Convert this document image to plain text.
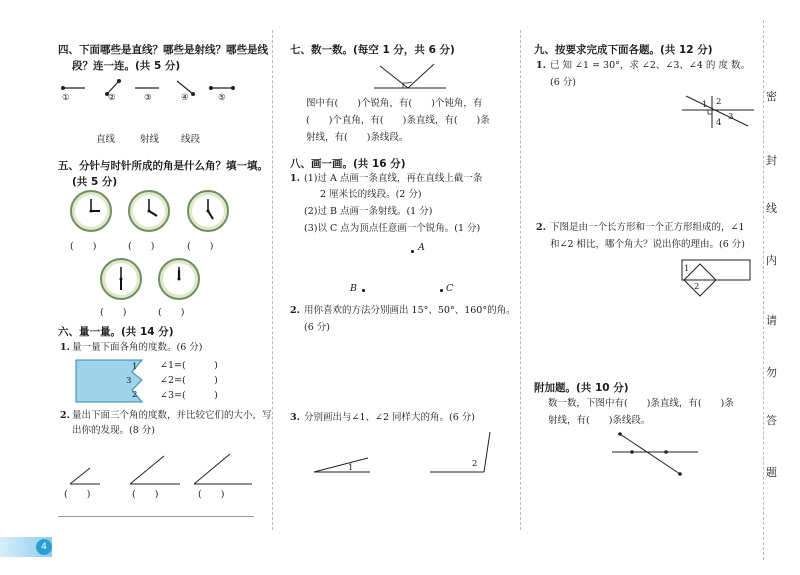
四、下面哪些是直线？哪些是射线？哪些是线
段？连一连。(共 5 分)
①	②	③	④	⑤
直线	射线 线段
五、分针与时针所成的角是什么角？填一填。
(共 5 分)
(　　)	(　　)	(　　)
(　　)	(　　)
六、量一量。(共 14 分)
1. 量一量下面各角的度数。(6 分)
1
3
2
∠1=(　　　)
∠2=(　　　)
∠3=(　　　)
2. 量出下面三个角的度数，并比较它们的大小，写
出你的发现。(8 分)
(　　)	(　　)	(　　)
4
七、数一数。(每空 1 分，共 6 分)
图中有(　　)个锐角，有(　　)个钝角，有
(　　)个直角，有(　　)条直线，有(　　)条
射线，有(　　)条线段。
八、画一画。(共 16 分)
1. (1)过 A 点画一条直线，再在直线上截一条
2 厘米长的线段。(2 分)
(2)过 B 点画一条射线。(1 分)
(3)以 C 点为顶点任意画一个锐角。(1 分)
A
B	C
2. 用你喜欢的方法分别画出 15°、50°、160°的角。
(6 分)
3. 分别画出与∠1、∠2 同样大的角。(6 分)
1	2
九、按要求完成下面各题。(共 12 分)
1. 已 知 ∠1 = 30°，求 ∠2、∠3、∠4 的 度 数。
(6 分)
1 2
3
4
2. 下图是由一个长方形和一个正方形组成的，∠1
和∠2 相比，哪个角大？说出你的理由。(6 分)
1
2
附加题。(共 10 分)
数一数，下图中有(　　)条直线，有(　　)条
射线，有(　　)条线段。
密
封
线
内
请
勿
答
题
